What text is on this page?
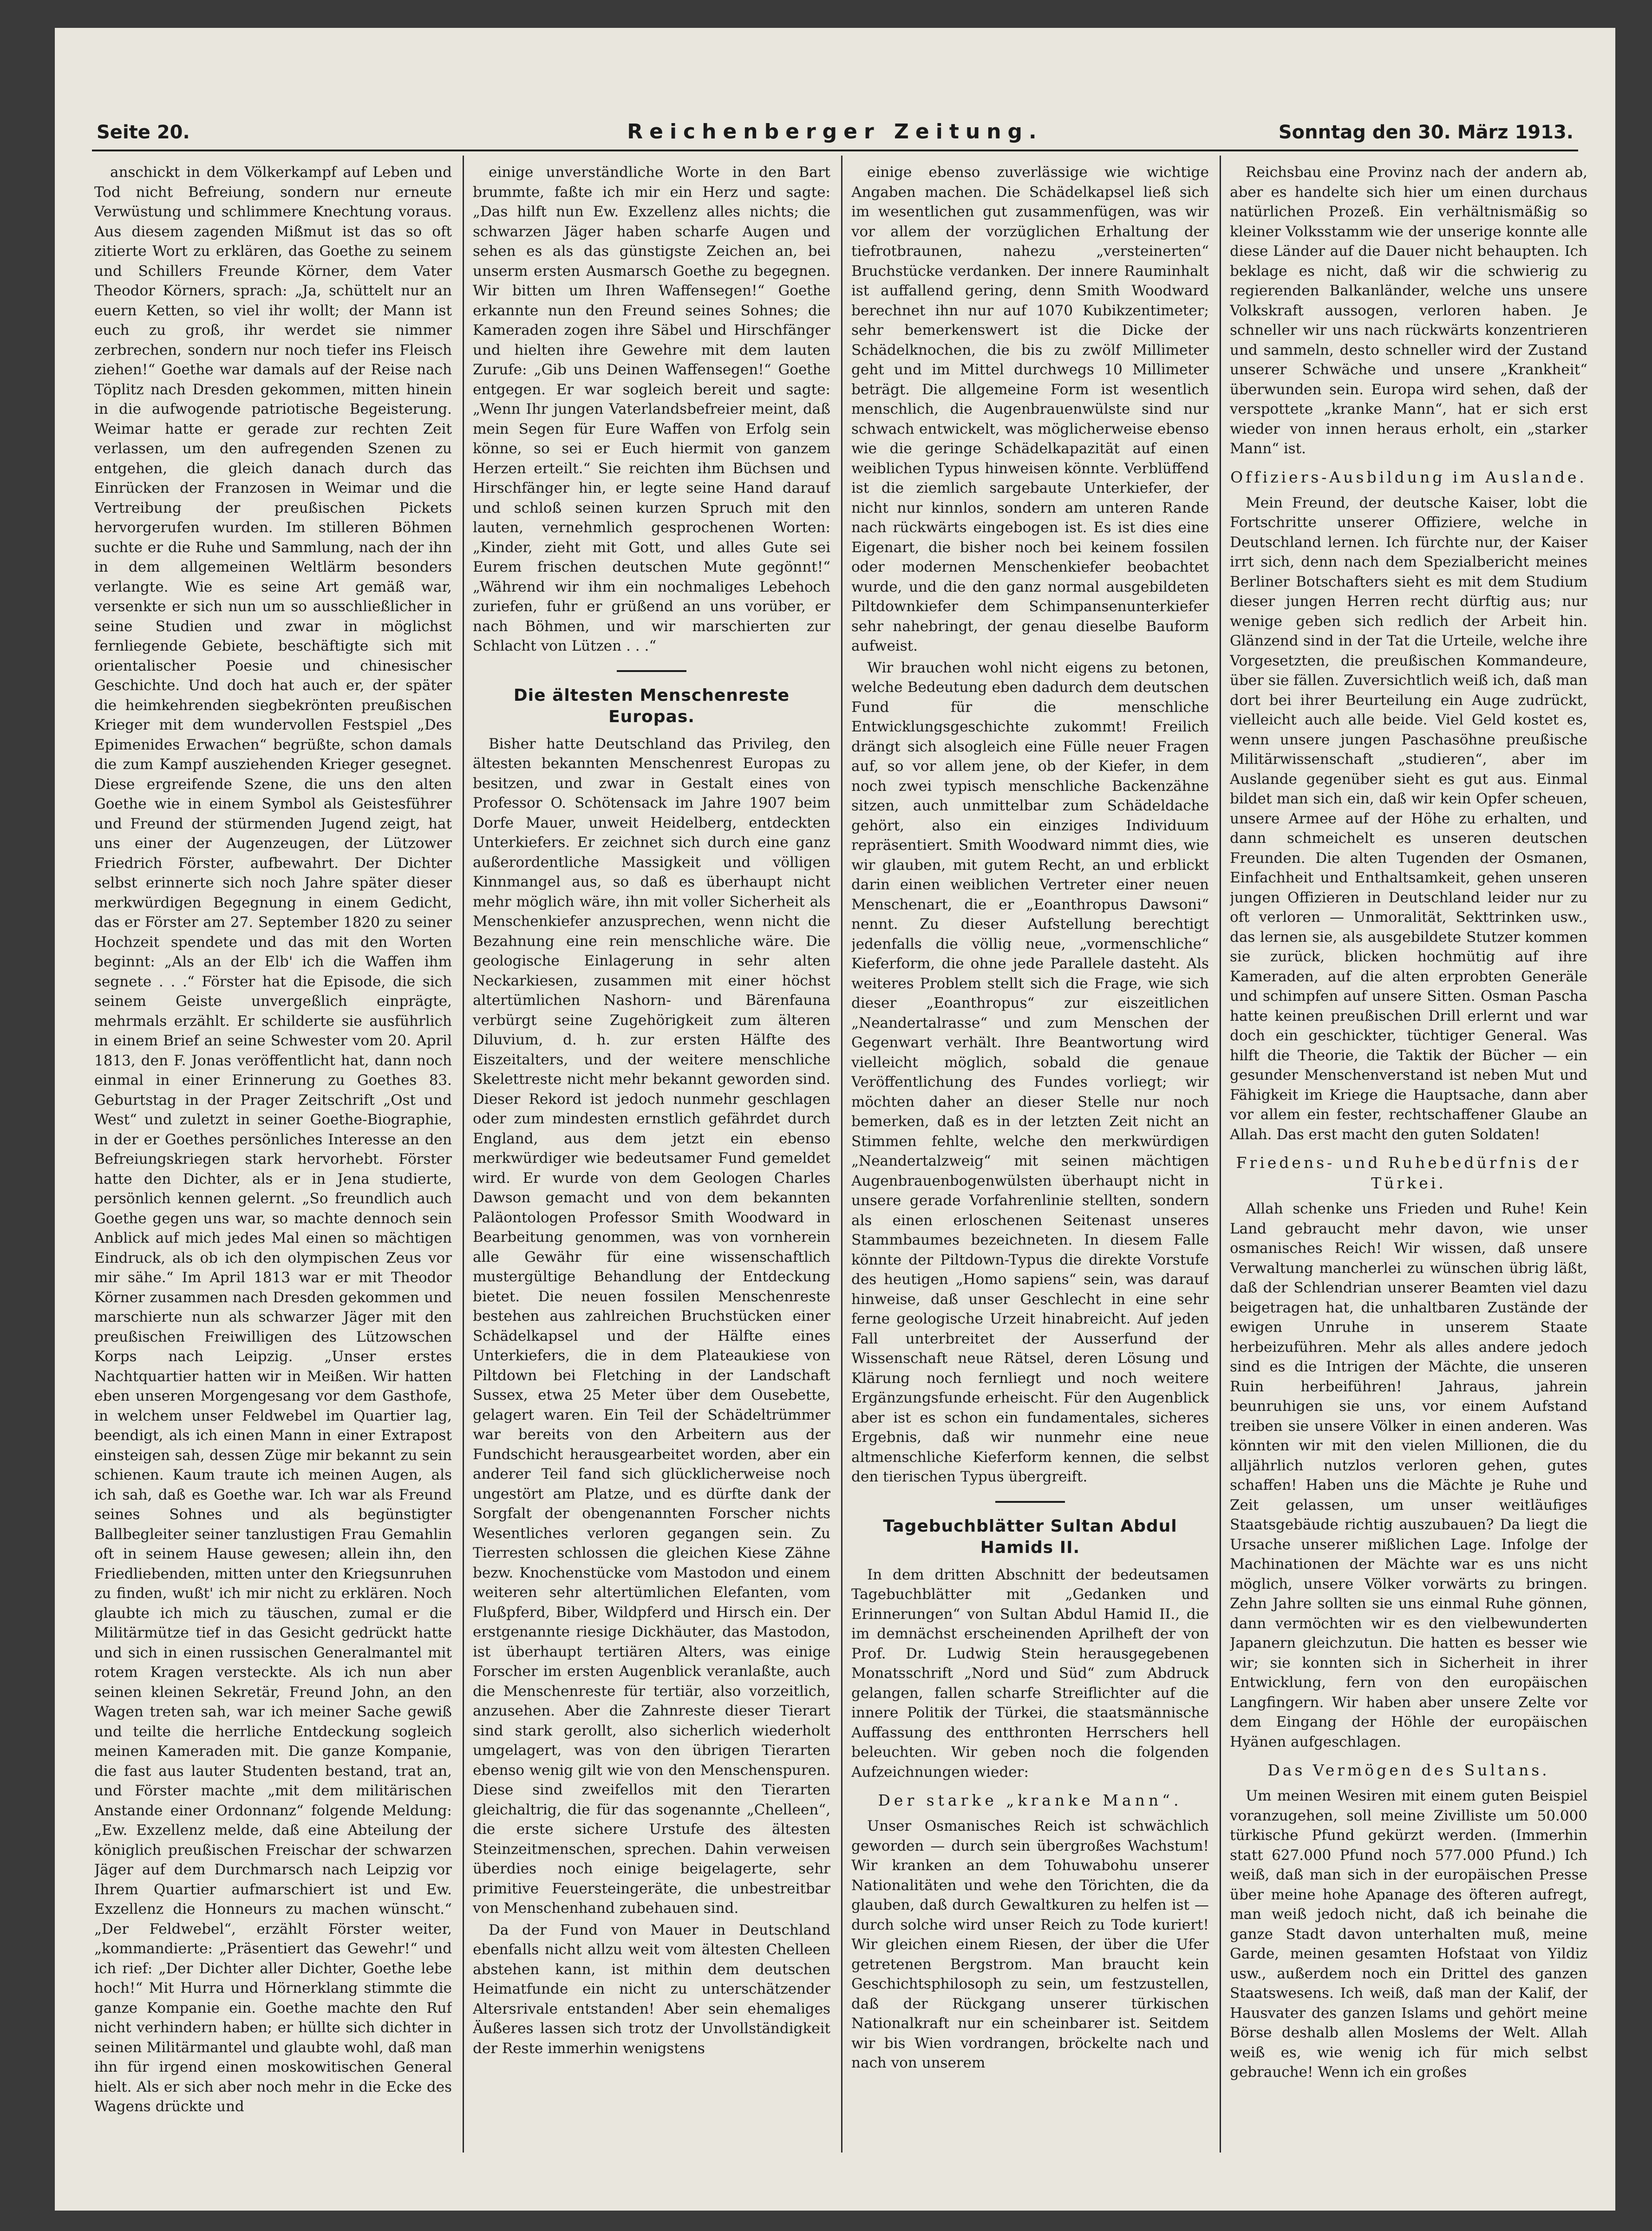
Seite 20.	Reichenberger Zeitung.	Sonntag den 30. März 1913.

anschickt in dem Völkerkampf auf Leben und Tod nicht Befreiung, sondern nur erneute Verwüstung und schlimmere Knechtung voraus. Aus diesem zagenden Mißmut ist das so oft zitierte Wort zu erklären, das Goethe zu seinem und Schillers Freunde Körner, dem Vater Theodor Körners, sprach: „Ja, schüttelt nur an euern Ketten, so viel ihr wollt; der Mann ist euch zu groß, ihr werdet sie nimmer zerbrechen, sondern nur noch tiefer ins Fleisch ziehen!“ Goethe war damals auf der Reise nach Töplitz nach Dresden gekommen, mitten hinein in die aufwogende patriotische Begeisterung. Weimar hatte er gerade zur rechten Zeit verlassen, um den aufregenden Szenen zu entgehen, die gleich danach durch das Einrücken der Franzosen in Weimar und die Vertreibung der preußischen Pickets hervorgerufen wurden. Im stilleren Böhmen suchte er die Ruhe und Sammlung, nach der ihn in dem allgemeinen Weltlärm besonders verlangte. Wie es seine Art gemäß war, versenkte er sich nun um so ausschließlicher in seine Studien und zwar in möglichst fernliegende Gebiete, beschäftigte sich mit orientalischer Poesie und chinesischer Geschichte. Und doch hat auch er, der später die heimkehrenden siegbekrönten preußischen Krieger mit dem wundervollen Festspiel „Des Epimenides Erwachen“ begrüßte, schon damals die zum Kampf ausziehenden Krieger gesegnet. Diese ergreifende Szene, die uns den alten Goethe wie in einem Symbol als Geistesführer und Freund der stürmenden Jugend zeigt, hat uns einer der Augenzeugen, der Lützower Friedrich Förster, aufbewahrt. Der Dichter selbst erinnerte sich noch Jahre später dieser merkwürdigen Begegnung in einem Gedicht, das er Förster am 27. September 1820 zu seiner Hochzeit spendete und das mit den Worten beginnt: „Als an der Elb' ich die Waffen ihm segnete . . .“ Förster hat die Episode, die sich seinem Geiste unvergeßlich einprägte, mehrmals erzählt. Er schilderte sie ausführlich in einem Brief an seine Schwester vom 20. April 1813, den F. Jonas veröffentlicht hat, dann noch einmal in einer Erinnerung zu Goethes 83. Geburtstag in der Prager Zeitschrift „Ost und West“ und zuletzt in seiner Goethe-Biographie, in der er Goethes persönliches Interesse an den Befreiungskriegen stark hervorhebt. Förster hatte den Dichter, als er in Jena studierte, persönlich kennen gelernt. „So freundlich auch Goethe gegen uns war, so machte dennoch sein Anblick auf mich jedes Mal einen so mächtigen Eindruck, als ob ich den olympischen Zeus vor mir sähe.“ Im April 1813 war er mit Theodor Körner zusammen nach Dresden gekommen und marschierte nun als schwarzer Jäger mit den preußischen Freiwilligen des Lützowschen Korps nach Leipzig. „Unser erstes Nachtquartier hatten wir in Meißen. Wir hatten eben unseren Morgengesang vor dem Gasthofe, in welchem unser Feldwebel im Quartier lag, beendigt, als ich einen Mann in einer Extrapost einsteigen sah, dessen Züge mir bekannt zu sein schienen. Kaum traute ich meinen Augen, als ich sah, daß es Goethe war. Ich war als Freund seines Sohnes und als begünstigter Ballbegleiter seiner tanzlustigen Frau Gemahlin oft in seinem Hause gewesen; allein ihn, den Friedliebenden, mitten unter den Kriegsunruhen zu finden, wußt' ich mir nicht zu erklären. Noch glaubte ich mich zu täuschen, zumal er die Militärmütze tief in das Gesicht gedrückt hatte und sich in einen russischen Generalmantel mit rotem Kragen versteckte. Als ich nun aber seinen kleinen Sekretär, Freund John, an den Wagen treten sah, war ich meiner Sache gewiß und teilte die herrliche Entdeckung sogleich meinen Kameraden mit. Die ganze Kompanie, die fast aus lauter Studenten bestand, trat an, und Förster machte „mit dem militärischen Anstande einer Ordonnanz“ folgende Meldung: „Ew. Exzellenz melde, daß eine Abteilung der königlich preußischen Freischar der schwarzen Jäger auf dem Durchmarsch nach Leipzig vor Ihrem Quartier aufmarschiert ist und Ew. Exzellenz die Honneurs zu machen wünscht.“ „Der Feldwebel“, erzählt Förster weiter, „kommandierte: „Präsentiert das Gewehr!“ und ich rief: „Der Dichter aller Dichter, Goethe lebe hoch!“ Mit Hurra und Hörnerklang stimmte die ganze Kompanie ein. Goethe machte den Ruf nicht verhindern haben; er hüllte sich dichter in seinen Militärmantel und glaubte wohl, daß man ihn für irgend einen moskowitischen General hielt. Als er sich aber noch mehr in die Ecke des Wagens drückte und

einige unverständliche Worte in den Bart brummte, faßte ich mir ein Herz und sagte: „Das hilft nun Ew. Exzellenz alles nichts; die schwarzen Jäger haben scharfe Augen und sehen es als das günstigste Zeichen an, bei unserm ersten Ausmarsch Goethe zu begegnen. Wir bitten um Ihren Waffensegen!“ Goethe erkannte nun den Freund seines Sohnes; die Kameraden zogen ihre Säbel und Hirschfänger und hielten ihre Gewehre mit dem lauten Zurufe: „Gib uns Deinen Waffensegen!“ Goethe entgegen. Er war sogleich bereit und sagte: „Wenn Ihr jungen Vaterlandsbefreier meint, daß mein Segen für Eure Waffen von Erfolg sein könne, so sei er Euch hiermit von ganzem Herzen erteilt.“ Sie reichten ihm Büchsen und Hirschfänger hin, er legte seine Hand darauf und schloß seinen kurzen Spruch mit den lauten, vernehmlich gesprochenen Worten: „Kinder, zieht mit Gott, und alles Gute sei Eurem frischen deutschen Mute gegönnt!“ „Während wir ihm ein nochmaliges Lebehoch zuriefen, fuhr er grüßend an uns vorüber, er nach Böhmen, und wir marschierten zur Schlacht von Lützen . . .“

Die ältesten Menschenreste Europas.

Bisher hatte Deutschland das Privileg, den ältesten bekannten Menschenrest Europas zu besitzen, und zwar in Gestalt eines von Professor O. Schötensack im Jahre 1907 beim Dorfe Mauer, unweit Heidelberg, entdeckten Unterkiefers. Er zeichnet sich durch eine ganz außerordentliche Massigkeit und völligen Kinnmangel aus, so daß es überhaupt nicht mehr möglich wäre, ihn mit voller Sicherheit als Menschenkiefer anzusprechen, wenn nicht die Bezahnung eine rein menschliche wäre. Die geologische Einlagerung in sehr alten Neckarkiesen, zusammen mit einer höchst altertümlichen Nashorn- und Bärenfauna verbürgt seine Zugehörigkeit zum älteren Diluvium, d. h. zur ersten Hälfte des Eiszeitalters, und der weitere menschliche Skelettreste nicht mehr bekannt geworden sind. Dieser Rekord ist jedoch nunmehr geschlagen oder zum mindesten ernstlich gefährdet durch England, aus dem jetzt ein ebenso merkwürdiger wie bedeutsamer Fund gemeldet wird. Er wurde von dem Geologen Charles Dawson gemacht und von dem bekannten Paläontologen Professor Smith Woodward in Bearbeitung genommen, was von vornherein alle Gewähr für eine wissenschaftlich mustergültige Behandlung der Entdeckung bietet. Die neuen fossilen Menschenreste bestehen aus zahlreichen Bruchstücken einer Schädelkapsel und der Hälfte eines Unterkiefers, die in dem Plateaukiese von Piltdown bei Fletching in der Landschaft Sussex, etwa 25 Meter über dem Ousebette, gelagert waren. Ein Teil der Schädeltrümmer war bereits von den Arbeitern aus der Fundschicht herausgearbeitet worden, aber ein anderer Teil fand sich glücklicherweise noch ungestört am Platze, und es dürfte dank der Sorgfalt der obengenannten Forscher nichts Wesentliches verloren gegangen sein. Zu Tierresten schlossen die gleichen Kiese Zähne bezw. Knochenstücke vom Mastodon und einem weiteren sehr altertümlichen Elefanten, vom Flußpferd, Biber, Wildpferd und Hirsch ein. Der erstgenannte riesige Dickhäuter, das Mastodon, ist überhaupt tertiären Alters, was einige Forscher im ersten Augenblick veranlaßte, auch die Menschenreste für tertiär, also vorzeitlich, anzusehen. Aber die Zahnreste dieser Tierart sind stark gerollt, also sicherlich wiederholt umgelagert, was von den übrigen Tierarten ebenso wenig gilt wie von den Menschenspuren. Diese sind zweifellos mit den Tierarten gleichaltrig, die für das sogenannte „Chelleen“, die erste sichere Urstufe des ältesten Steinzeitmenschen, sprechen. Dahin verweisen überdies noch einige beigelagerte, sehr primitive Feuersteingeräte, die unbestreitbar von Menschenhand zubehauen sind.

Da der Fund von Mauer in Deutschland ebenfalls nicht allzu weit vom ältesten Chelleen abstehen kann, ist mithin dem deutschen Heimatfunde ein nicht zu unterschätzender Altersrivale entstanden! Aber sein ehemaliges Äußeres lassen sich trotz der Unvollständigkeit der Reste immerhin wenigstens

einige ebenso zuverlässige wie wichtige Angaben machen. Die Schädelkapsel ließ sich im wesentlichen gut zusammenfügen, was wir vor allem der vorzüglichen Erhaltung der tiefrotbraunen, nahezu „versteinerten“ Bruchstücke verdanken. Der innere Rauminhalt ist auffallend gering, denn Smith Woodward berechnet ihn nur auf 1070 Kubikzentimeter; sehr bemerkenswert ist die Dicke der Schädelknochen, die bis zu zwölf Millimeter geht und im Mittel durchwegs 10 Millimeter beträgt. Die allgemeine Form ist wesentlich menschlich, die Augenbrauenwülste sind nur schwach entwickelt, was möglicherweise ebenso wie die geringe Schädelkapazität auf einen weiblichen Typus hinweisen könnte. Verblüffend ist die ziemlich sargebaute Unterkiefer, der nicht nur kinnlos, sondern am unteren Rande nach rückwärts eingebogen ist. Es ist dies eine Eigenart, die bisher noch bei keinem fossilen oder modernen Menschenkiefer beobachtet wurde, und die den ganz normal ausgebildeten Piltdownkiefer dem Schimpansenunterkiefer sehr nahebringt, der genau dieselbe Bauform aufweist.

Wir brauchen wohl nicht eigens zu betonen, welche Bedeutung eben dadurch dem deutschen Fund für die menschliche Entwicklungsgeschichte zukommt! Freilich drängt sich alsogleich eine Fülle neuer Fragen auf, so vor allem jene, ob der Kiefer, in dem noch zwei typisch menschliche Backenzähne sitzen, auch unmittelbar zum Schädeldache gehört, also ein einziges Individuum repräsentiert. Smith Woodward nimmt dies, wie wir glauben, mit gutem Recht, an und erblickt darin einen weiblichen Vertreter einer neuen Menschenart, die er „Eoanthropus Dawsoni“ nennt. Zu dieser Aufstellung berechtigt jedenfalls die völlig neue, „vormenschliche“ Kieferform, die ohne jede Parallele dasteht. Als weiteres Problem stellt sich die Frage, wie sich dieser „Eoanthropus“ zur eiszeitlichen „Neandertalrasse“ und zum Menschen der Gegenwart verhält. Ihre Beantwortung wird vielleicht möglich, sobald die genaue Veröffentlichung des Fundes vorliegt; wir möchten daher an dieser Stelle nur noch bemerken, daß es in der letzten Zeit nicht an Stimmen fehlte, welche den merkwürdigen „Neandertalzweig“ mit seinen mächtigen Augenbrauenbogenwülsten überhaupt nicht in unsere gerade Vorfahrenlinie stellten, sondern als einen erloschenen Seitenast unseres Stammbaumes bezeichneten. In diesem Falle könnte der Piltdown-Typus die direkte Vorstufe des heutigen „Homo sapiens“ sein, was darauf hinweise, daß unser Geschlecht in eine sehr ferne geologische Urzeit hinabreicht. Auf jeden Fall unterbreitet der Ausserfund der Wissenschaft neue Rätsel, deren Lösung und Klärung noch fernliegt und noch weitere Ergänzungsfunde erheischt. Für den Augenblick aber ist es schon ein fundamentales, sicheres Ergebnis, daß wir nunmehr eine neue altmenschliche Kieferform kennen, die selbst den tierischen Typus übergreift.

Tagebuchblätter Sultan Abdul Hamids II.

In dem dritten Abschnitt der bedeutsamen Tagebuchblätter mit „Gedanken und Erinnerungen“ von Sultan Abdul Hamid II., die im demnächst erscheinenden Aprilheft der von Prof. Dr. Ludwig Stein herausgegebenen Monatsschrift „Nord und Süd“ zum Abdruck gelangen, fallen scharfe Streiflichter auf die innere Politik der Türkei, die staatsmännische Auffassung des entthronten Herrschers hell beleuchten. Wir geben noch die folgenden Aufzeichnungen wieder:

Der starke „kranke Mann“.

Unser Osmanisches Reich ist schwächlich geworden — durch sein übergroßes Wachstum! Wir kranken an dem Tohuwabohu unserer Nationalitäten und wehe den Törichten, die da glauben, daß durch Gewaltkuren zu helfen ist — durch solche wird unser Reich zu Tode kuriert! Wir gleichen einem Riesen, der über die Ufer getretenen Bergstrom. Man braucht kein Geschichtsphilosoph zu sein, um festzustellen, daß der Rückgang unserer türkischen Nationalkraft nur ein scheinbarer ist. Seitdem wir bis Wien vordrangen, bröckelte nach und nach von unserem

Reichsbau eine Provinz nach der andern ab, aber es handelte sich hier um einen durchaus natürlichen Prozeß. Ein verhältnismäßig so kleiner Volksstamm wie der unserige konnte alle diese Länder auf die Dauer nicht behaupten. Ich beklage es nicht, daß wir die schwierig zu regierenden Balkanländer, welche uns unsere Volkskraft aussogen, verloren haben. Je schneller wir uns nach rückwärts konzentrieren und sammeln, desto schneller wird der Zustand unserer Schwäche und unsere „Krankheit“ überwunden sein. Europa wird sehen, daß der verspottete „kranke Mann“, hat er sich erst wieder von innen heraus erholt, ein „starker Mann“ ist.

Offiziers-Ausbildung im Auslande.

Mein Freund, der deutsche Kaiser, lobt die Fortschritte unserer Offiziere, welche in Deutschland lernen. Ich fürchte nur, der Kaiser irrt sich, denn nach dem Spezialbericht meines Berliner Botschafters sieht es mit dem Studium dieser jungen Herren recht dürftig aus; nur wenige geben sich redlich der Arbeit hin. Glänzend sind in der Tat die Urteile, welche ihre Vorgesetzten, die preußischen Kommandeure, über sie fällen. Zuversichtlich weiß ich, daß man dort bei ihrer Beurteilung ein Auge zudrückt, vielleicht auch alle beide. Viel Geld kostet es, wenn unsere jungen Paschasöhne preußische Militärwissenschaft „studieren“, aber im Auslande gegenüber sieht es gut aus. Einmal bildet man sich ein, daß wir kein Opfer scheuen, unsere Armee auf der Höhe zu erhalten, und dann schmeichelt es unseren deutschen Freunden. Die alten Tugenden der Osmanen, Einfachheit und Enthaltsamkeit, gehen unseren jungen Offizieren in Deutschland leider nur zu oft verloren — Unmoralität, Sekttrinken usw., das lernen sie, als ausgebildete Stutzer kommen sie zurück, blicken hochmütig auf ihre Kameraden, auf die alten erprobten Generäle und schimpfen auf unsere Sitten. Osman Pascha hatte keinen preußischen Drill erlernt und war doch ein geschickter, tüchtiger General. Was hilft die Theorie, die Taktik der Bücher — ein gesunder Menschenverstand ist neben Mut und Fähigkeit im Kriege die Hauptsache, dann aber vor allem ein fester, rechtschaffener Glaube an Allah. Das erst macht den guten Soldaten!

Friedens- und Ruhebedürfnis der Türkei.

Allah schenke uns Frieden und Ruhe! Kein Land gebraucht mehr davon, wie unser osmanisches Reich! Wir wissen, daß unsere Verwaltung mancherlei zu wünschen übrig läßt, daß der Schlendrian unserer Beamten viel dazu beigetragen hat, die unhaltbaren Zustände der ewigen Unruhe in unserem Staate herbeizuführen. Mehr als alles andere jedoch sind es die Intrigen der Mächte, die unseren Ruin herbeiführen! Jahraus, jahrein beunruhigen sie uns, vor einem Aufstand treiben sie unsere Völker in einen anderen. Was könnten wir mit den vielen Millionen, die du alljährlich nutzlos verloren gehen, gutes schaffen! Haben uns die Mächte je Ruhe und Zeit gelassen, um unser weitläufiges Staatsgebäude richtig auszubauen? Da liegt die Ursache unserer mißlichen Lage. Infolge der Machinationen der Mächte war es uns nicht möglich, unsere Völker vorwärts zu bringen. Zehn Jahre sollten sie uns einmal Ruhe gönnen, dann vermöchten wir es den vielbewunderten Japanern gleichzutun. Die hatten es besser wie wir; sie konnten sich in Sicherheit in ihrer Entwicklung, fern von den europäischen Langfingern. Wir haben aber unsere Zelte vor dem Eingang der Höhle der europäischen Hyänen aufgeschlagen.

Das Vermögen des Sultans.

Um meinen Wesiren mit einem guten Beispiel voranzugehen, soll meine Zivilliste um 50.000 türkische Pfund gekürzt werden. (Immerhin statt 627.000 Pfund noch 577.000 Pfund.) Ich weiß, daß man sich in der europäischen Presse über meine hohe Apanage des öfteren aufregt, man weiß jedoch nicht, daß ich beinahe die ganze Stadt davon unterhalten muß, meine Garde, meinen gesamten Hofstaat von Yildiz usw., außerdem noch ein Drittel des ganzen Staatswesens. Ich weiß, daß man der Kalif, der Hausvater des ganzen Islams und gehört meine Börse deshalb allen Moslems der Welt. Allah weiß es, wie wenig ich für mich selbst gebrauche! Wenn ich ein großes
